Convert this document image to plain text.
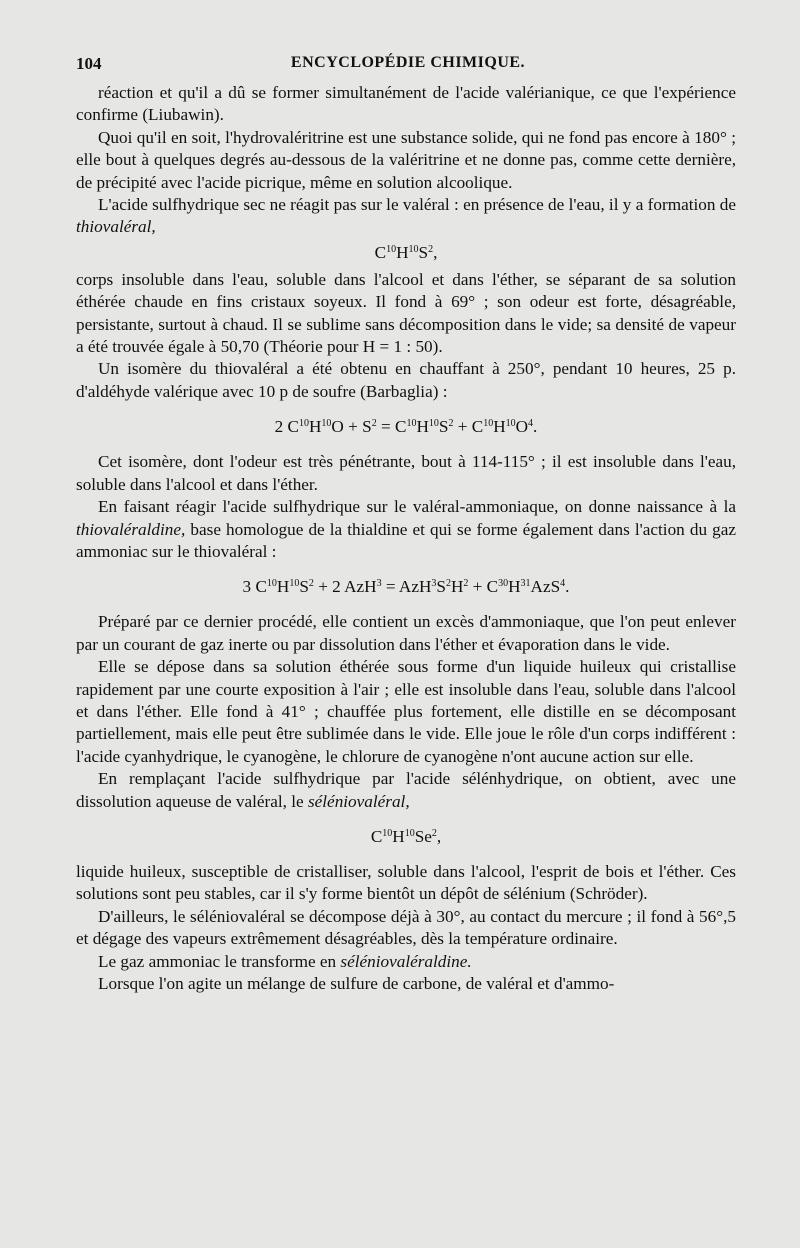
104	ENCYCLOPÉDIE CHIMIQUE.

réaction et qu'il a dû se former simultanément de l'acide valérianique, ce que l'expérience confirme (Liubawin).

Quoi qu'il en soit, l'hydrovaléritrine est une substance solide, qui ne fond pas encore à 180° ; elle bout à quelques degrés au-dessous de la valéritrine et ne donne pas, comme cette dernière, de précipité avec l'acide picrique, même en solution alcoolique.

L'acide sulfhydrique sec ne réagit pas sur le valéral : en présence de l'eau, il y a formation de thiovaléral,

$C^{10}H^{10}S^2$,

corps insoluble dans l'eau, soluble dans l'alcool et dans l'éther, se séparant de sa solution éthérée chaude en fins cristaux soyeux. Il fond à 69° ; son odeur est forte, désagréable, persistante, surtout à chaud. Il se sublime sans décomposition dans le vide; sa densité de vapeur a été trouvée égale à 50,70 (Théorie pour H = 1 : 50).

Un isomère du thiovaléral a été obtenu en chauffant à 250°, pendant 10 heures, 25 p. d'aldéhyde valérique avec 10 p de soufre (Barbaglia) :

2 $C^{10}H^{10}O + S^2 = C^{10}H^{10}S^2 + C^{10}H^{10}O^4$.

Cet isomère, dont l'odeur est très pénétrante, bout à 114-115° ; il est insoluble dans l'eau, soluble dans l'alcool et dans l'éther.

En faisant réagir l'acide sulfhydrique sur le valéral-ammoniaque, on donne naissance à la thiovaléraldine, base homologue de la thialdine et qui se forme également dans l'action du gaz ammoniac sur le thiovaléral :

3 $C^{10}H^{10}S^2 + 2$ $AzH^3 = AzH^3S^2H^2 + C^{30}H^{31}AzS^4$.

Préparé par ce dernier procédé, elle contient un excès d'ammoniaque, que l'on peut enlever par un courant de gaz inerte ou par dissolution dans l'éther et évaporation dans le vide.

Elle se dépose dans sa solution éthérée sous forme d'un liquide huileux qui cristallise rapidement par une courte exposition à l'air ; elle est insoluble dans l'eau, soluble dans l'alcool et dans l'éther. Elle fond à 41° ; chauffée plus fortement, elle distille en se décomposant partiellement, mais elle peut être sublimée dans le vide. Elle joue le rôle d'un corps indifférent : l'acide cyanhydrique, le cyanogène, le chlorure de cyanogène n'ont aucune action sur elle.

En remplaçant l'acide sulfhydrique par l'acide sélénhydrique, on obtient, avec une dissolution aqueuse de valéral, le séléniovaléral,

$C^{10}H^{10}Se^2$,

liquide huileux, susceptible de cristalliser, soluble dans l'alcool, l'esprit de bois et l'éther. Ces solutions sont peu stables, car il s'y forme bientôt un dépôt de sélénium (Schröder).

D'ailleurs, le séléniovaléral se décompose déjà à 30°, au contact du mercure ; il fond à 56°,5 et dégage des vapeurs extrêmement désagréables, dès la température ordinaire.

Le gaz ammoniac le transforme en séléniovaléraldine.

Lorsque l'on agite un mélange de sulfure de carbone, de valéral et d'ammo-
